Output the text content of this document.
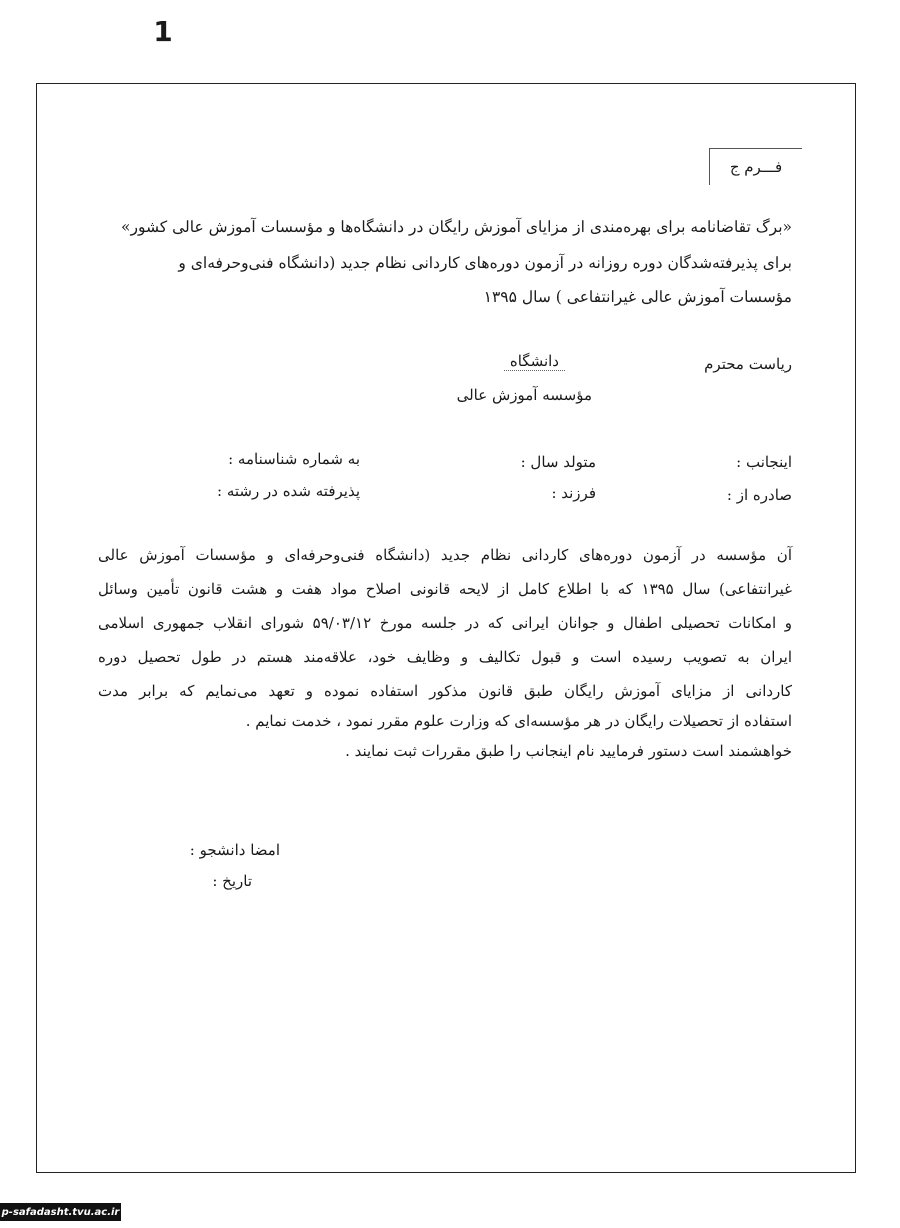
1
فـــرم ج
«برگ تقاضانامه برای بهره‌مندی از مزایای آموزش رایگان در دانشگاه‌ها و مؤسسات آموزش عالی کشور»
برای پذیرفته‌شدگان دوره روزانه در آزمون دوره‌های کاردانی نظام جدید (دانشگاه فنی‌وحرفه‌ای و
مؤسسات آموزش عالی غیرانتفاعی ) سال ۱۳۹۵
ریاست محترم
دانشگاه
مؤسسه آموزش عالی
اینجانب :
متولد سال :
به شماره شناسنامه :
صادره از :
فرزند :
پذیرفته شده در رشته :
آن مؤسسه در آزمون دوره‌های کاردانی نظام جدید (دانشگاه فنی‌وحرفه‌ای و مؤسسات آموزش عالی
غیرانتفاعی) سال ۱۳۹۵ که با اطلاع کامل از لایحه قانونی اصلاح مواد هفت و هشت قانون تأمین وسائل
و امکانات تحصیلی اطفال و جوانان ایرانی که در جلسه مورخ ۵۹/۰۳/۱۲ شورای انقلاب جمهوری اسلامی
ایران به تصویب رسیده است و قبول تکالیف و وظایف خود، علاقه‌مند هستم در طول تحصیل دوره
کاردانی از مزایای آموزش رایگان طبق قانون مذکور استفاده نموده و تعهد می‌نمایم که برابر مدت
استفاده از تحصیلات رایگان در هر مؤسسه‌ای که وزارت علوم مقرر نمود ، خدمت نمایم .
خواهشمند است دستور فرمایید نام اینجانب را طبق مقررات ثبت نمایند .
امضا دانشجو :
تاریخ :
p-safadasht.tvu.ac.ir
